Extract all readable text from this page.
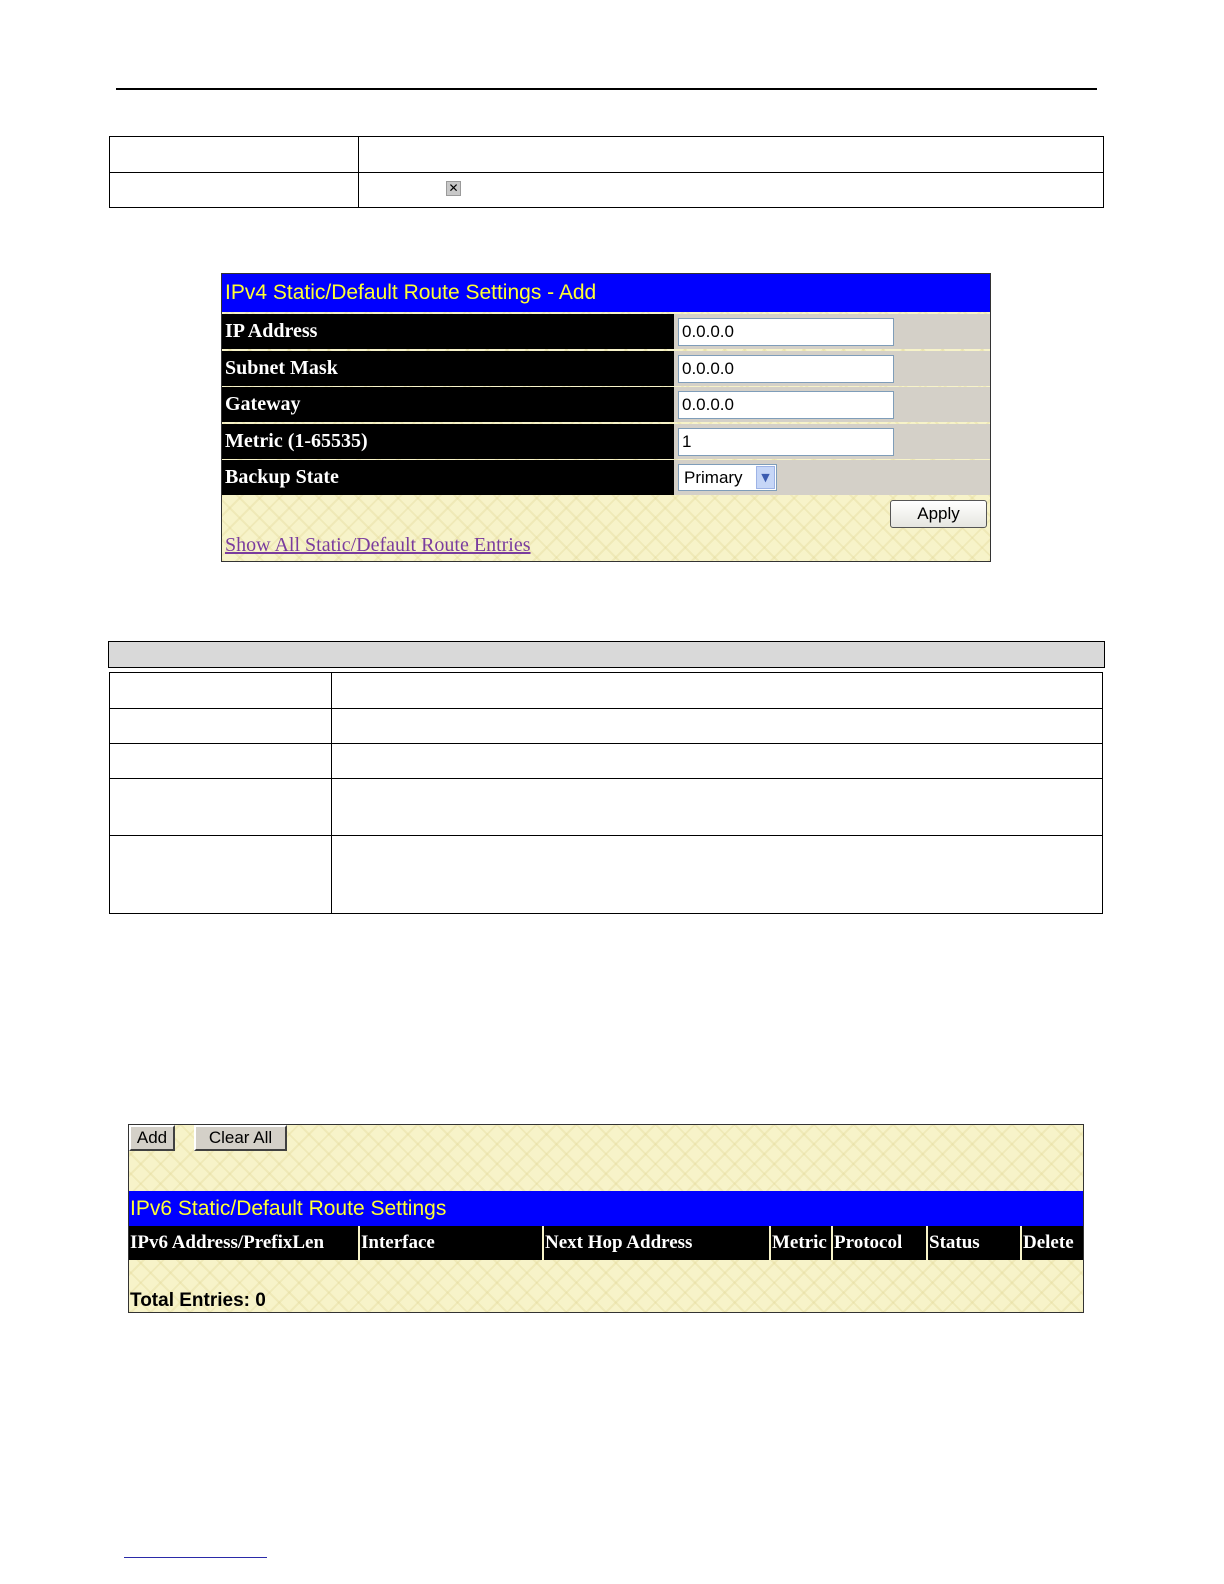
✕
IPv4 Static/Default Route Settings - Add
IP Address	0.0.0.0
Subnet Mask	0.0.0.0
Gateway	0.0.0.0
Metric (1-65535)	1
Backup State	Primary	▼
Apply
Show All Static/Default Route Entries

Add	Clear All
IPv6 Static/Default Route Settings
IPv6 Address/PrefixLen	Interface	Next Hop Address	Metric Protocol	Status	Delete
Total Entries: 0
